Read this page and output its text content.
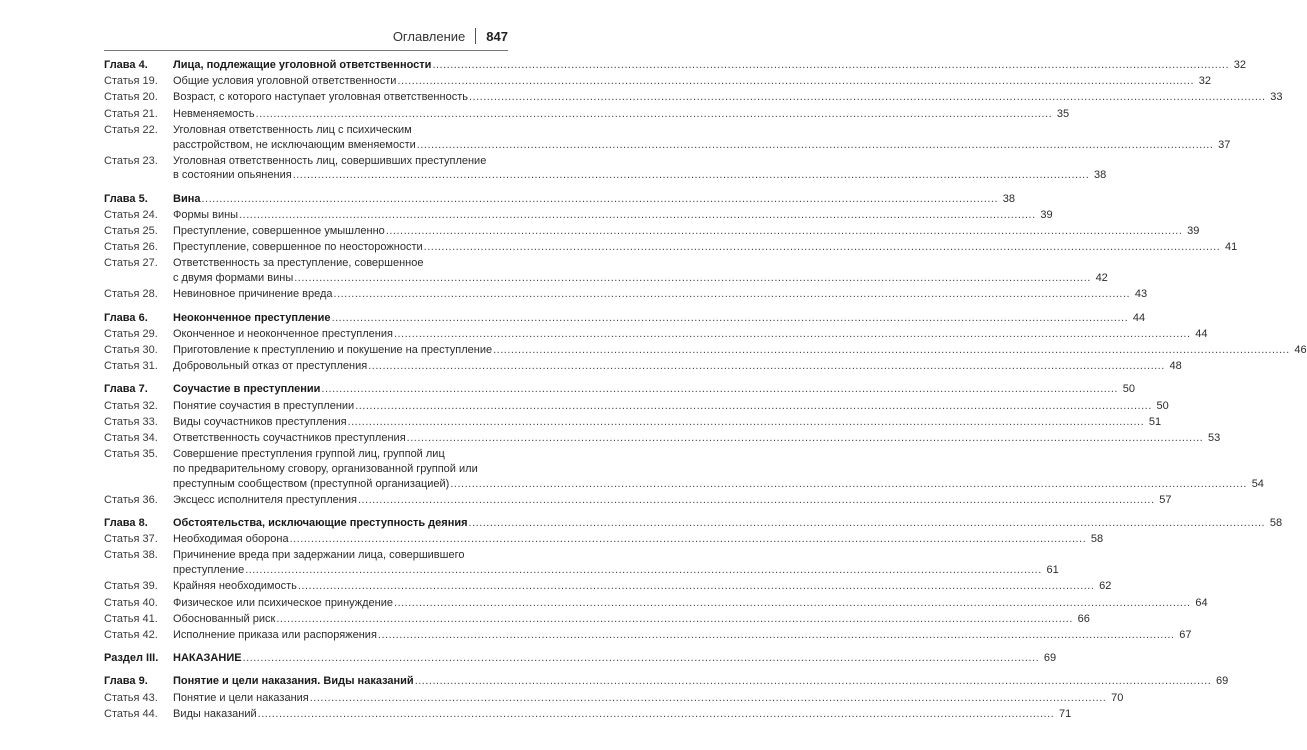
Оглавление 847
Глава 4.	Лица, подлежащие уголовной ответственности .....	32
Статья 19.	Общие условия уголовной ответственности .....	32
Статья 20.	Возраст, с которого наступает уголовная ответственность .....	33
Статья 21.	Невменяемость .....	35
Статья 22.	Уголовная ответственность лиц с психическим
расстройством, не исключающим вменяемости .....	37
Статья 23.	Уголовная ответственность лиц, совершивших преступление
в состоянии опьянения .....	38
Глава 5.	Вина .....	38
Статья 24.	Формы вины .....	39
Статья 25.	Преступление, совершенное умышленно .....	39
Статья 26.	Преступление, совершенное по неосторожности .....	41
Статья 27.	Ответственность за преступление, совершенное
с двумя формами вины .....	42
Статья 28.	Невиновное причинение вреда .....	43
Глава 6.	Неоконченное преступление .....	44
Статья 29.	Оконченное и неоконченное преступления .....	44
Статья 30.	Приготовление к преступлению и покушение на преступление .....	46
Статья 31.	Добровольный отказ от преступления .....	48
Глава 7.	Соучастие в преступлении .....	50
Статья 32.	Понятие соучастия в преступлении .....	50
Статья 33.	Виды соучастников преступления .....	51
Статья 34.	Ответственность соучастников преступления .....	53
Статья 35.	Совершение преступления группой лиц, группой лиц
по предварительному сговору, организованной группой или
преступным сообществом (преступной организацией) .....	54
Статья 36.	Эксцесс исполнителя преступления .....	57
Глава 8.	Обстоятельства, исключающие преступность деяния .....	58
Статья 37.	Необходимая оборона .....	58
Статья 38.	Причинение вреда при задержании лица, совершившего
преступление .....	61
Статья 39.	Крайняя необходимость .....	62
Статья 40.	Физическое или психическое принуждение .....	64
Статья 41.	Обоснованный риск .....	66
Статья 42.	Исполнение приказа или распоряжения .....	67
Раздел III.	НАКАЗАНИЕ .....	69
Глава 9.	Понятие и цели наказания. Виды наказаний .....	69
Статья 43.	Понятие и цели наказания .....	70
Статья 44.	Виды наказаний .....	71
